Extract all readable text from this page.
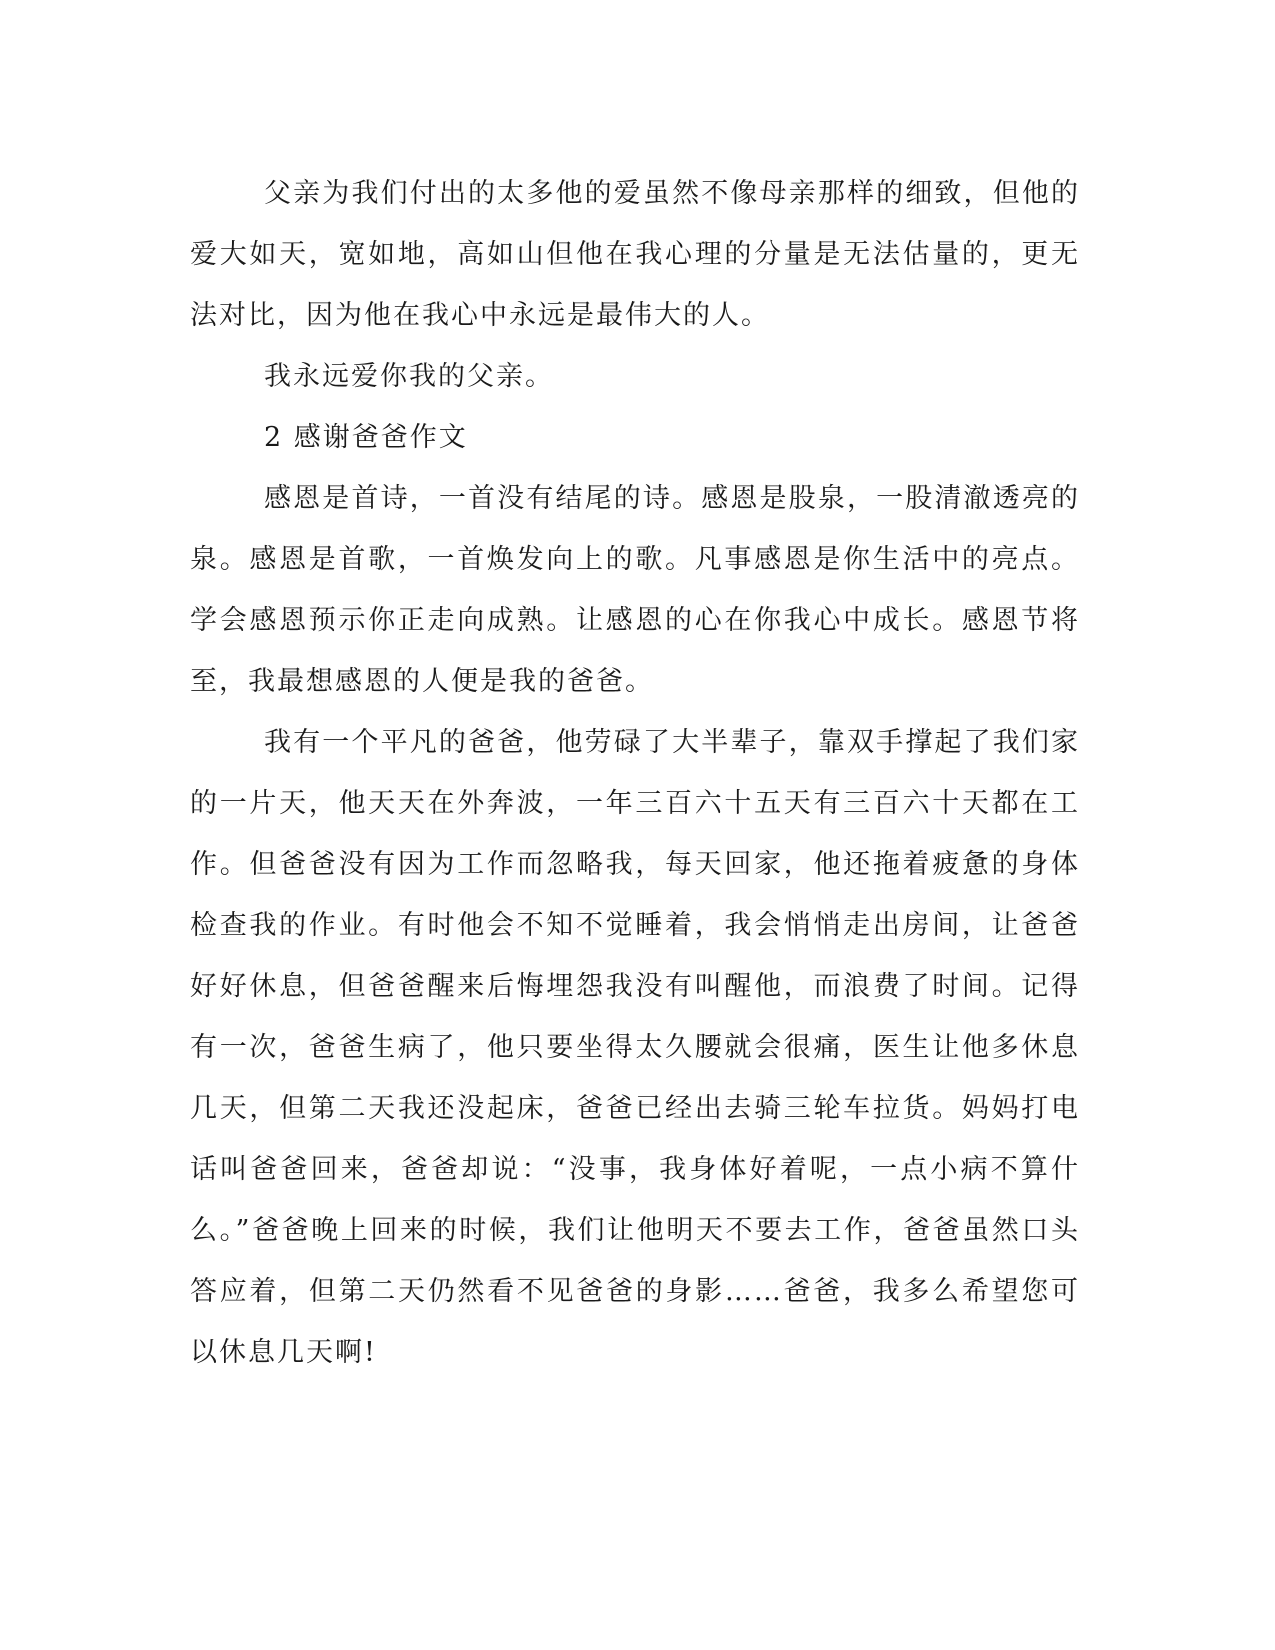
父亲为我们付出的太多他的爱虽然不像母亲那样的细致，但他的爱大如天，宽如地，高如山但他在我心理的分量是无法估量的，更无法对比，因为他在我心中永远是最伟大的人。

我永远爱你我的父亲。

2 感谢爸爸作文

感恩是首诗，一首没有结尾的诗。感恩是股泉，一股清澈透亮的泉。感恩是首歌，一首焕发向上的歌。凡事感恩是你生活中的亮点。学会感恩预示你正走向成熟。让感恩的心在你我心中成长。感恩节将至，我最想感恩的人便是我的爸爸。

我有一个平凡的爸爸，他劳碌了大半辈子，靠双手撑起了我们家的一片天，他天天在外奔波，一年三百六十五天有三百六十天都在工作。但爸爸没有因为工作而忽略我，每天回家，他还拖着疲惫的身体检查我的作业。有时他会不知不觉睡着，我会悄悄走出房间，让爸爸好好休息，但爸爸醒来后悔埋怨我没有叫醒他，而浪费了时间。记得有一次，爸爸生病了，他只要坐得太久腰就会很痛，医生让他多休息几天，但第二天我还没起床，爸爸已经出去骑三轮车拉货。妈妈打电话叫爸爸回来，爸爸却说：“没事，我身体好着呢，一点小病不算什么。”爸爸晚上回来的时候，我们让他明天不要去工作，爸爸虽然口头答应着，但第二天仍然看不见爸爸的身影……爸爸，我多么希望您可以休息几天啊!
